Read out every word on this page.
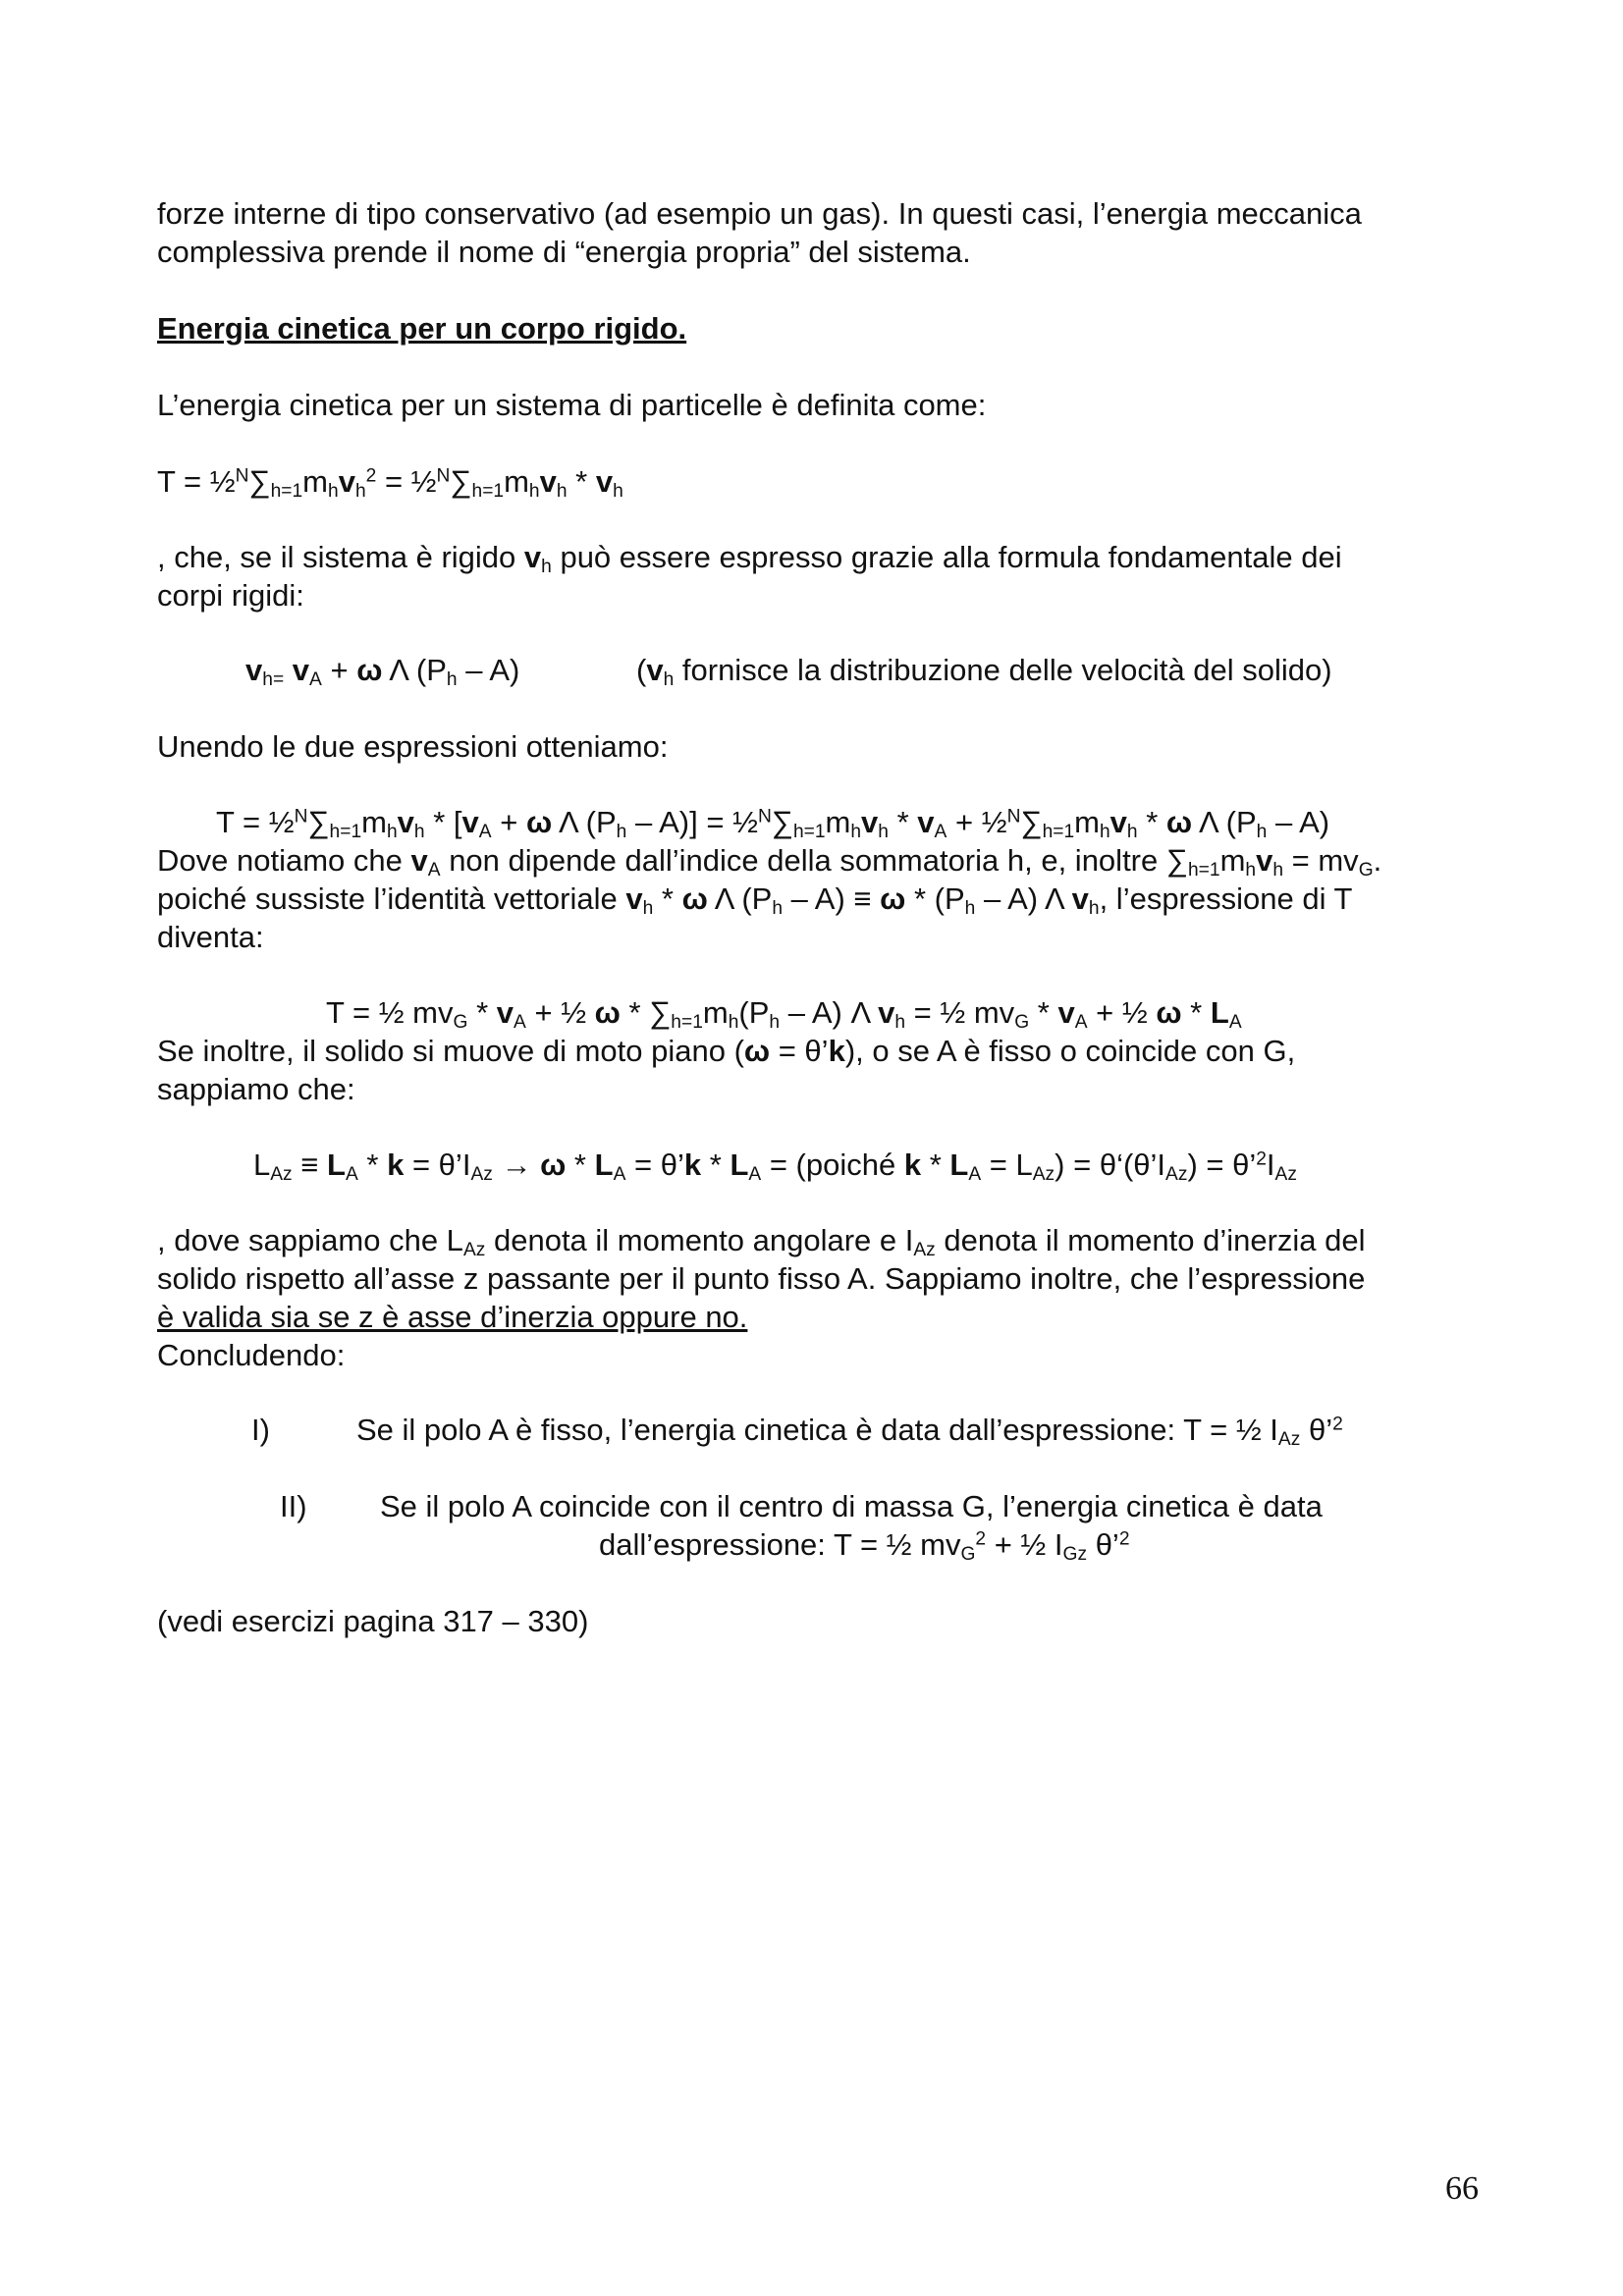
forze interne di tipo conservativo (ad esempio un gas). In questi casi, l’energia meccanica
complessiva prende il nome di “energia propria” del sistema.

Energia cinetica per un corpo rigido.

L’energia cinetica per un sistema di particelle è definita come:

$T = \frac{1}{2}^N\sum_{h=1}m_hv_h^2$ = $\frac{1}{2}^N\sum_{h=1}m_hv_h * v_h$

, che, se il sistema è rigido $v_h$ può essere espresso grazie alla formula fondamentale dei
corpi rigidi:

$v_{h=}$ $v_A + \omega$ Λ $(P_h - A)$	($v_h$ fornisce la distribuzione delle velocità del solido)

Unendo le due espressioni otteniamo:

$T = \frac{1}{2}^N\sum_{h=1}m_hv_h * [v_A + \omega$ Λ $(P_h - A)$] = $\frac{1}{2}^N\sum_{h=1}m_hv_h * v_A$ + $\frac{1}{2}^N\sum_{h=1}m_hv_h$ * ω Λ $(P_h - A)$

Dove notiamo che $v_A$ non dipende dall’indice della sommatoria h, e, inoltre $\sum_{h=1}m_hv_h = mv_G$.

poiché sussiste l’identità vettoriale $v_h$ * ω Λ $(P_h - A) \equiv \omega * (P_h - A)$ Λ $v_h$, l’espressione di T
diventa:

T = ½ $mv_G * v_A$ + ½ ω * $\sum_{h=1}m_h(P_h - A)$ Λ $v_h$ = ½ $mv_G * v_A$ + ½ ω * $L_A$

Se inoltre, il solido si muove di moto piano (ω = θ’k), o se A è fisso o coincide con G,
sappiamo che:

$L_{Az} \equiv L_A * k$ = $\theta’I_{Az} \to \omega * L_A$ = θ’k * $L_A$ = (poiché $k * L_A = L_{Az}$) = $\theta‘(\theta’I_{Az})$ = $\theta’^2I_{Az}$

, dove sappiamo che $L_{Az}$ denota il momento angolare e $I_{Az}$ denota il momento d’inerzia del
solido rispetto all’asse z passante per il punto fisso A. Sappiamo inoltre, che l’espressione
è valida sia se z è asse d’inerzia oppure no.
Concludendo:

I)	Se il polo A è fisso, l’energia cinetica è data dall’espressione: T = ½ $I_{Az}$ θ’$^2$

II) Se il polo A coincide con il centro di massa G, l’energia cinetica è data

dall’espressione: T = ½ $mv_G^2$ + ½ $I_{Gz}$ θ’$^2$

(vedi esercizi pagina 317 – 330)

66
